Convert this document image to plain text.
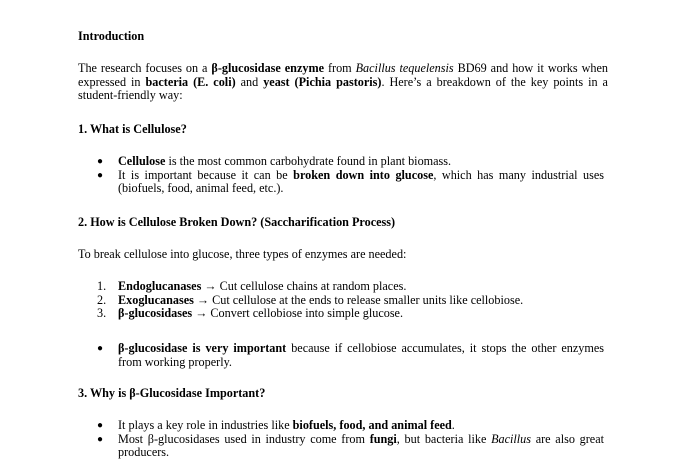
Introduction

The research focuses on a β-glucosidase enzyme from Bacillus tequelensis BD69 and how it works when expressed in bacteria (E. coli) and yeast (Pichia pastoris). Here’s a breakdown of the key points in a student-friendly way:

1. What is Cellulose?
● Cellulose is the most common carbohydrate found in plant biomass.
● It is important because it can be broken down into glucose, which has many industrial uses (biofuels, food, animal feed, etc.).
2. How is Cellulose Broken Down? (Saccharification Process)
To break cellulose into glucose, three types of enzymes are needed:
1. Endoglucanases → Cut cellulose chains at random places.
2. Exoglucanases → Cut cellulose at the ends to release smaller units like cellobiose.
3. β-glucosidases → Convert cellobiose into simple glucose.
● β-glucosidase is very important because if cellobiose accumulates, it stops the other enzymes from working properly.
3. Why is β-Glucosidase Important?
● It plays a key role in industries like biofuels, food, and animal feed.
● Most β-glucosidases used in industry come from fungi, but bacteria like Bacillus are also great producers.
